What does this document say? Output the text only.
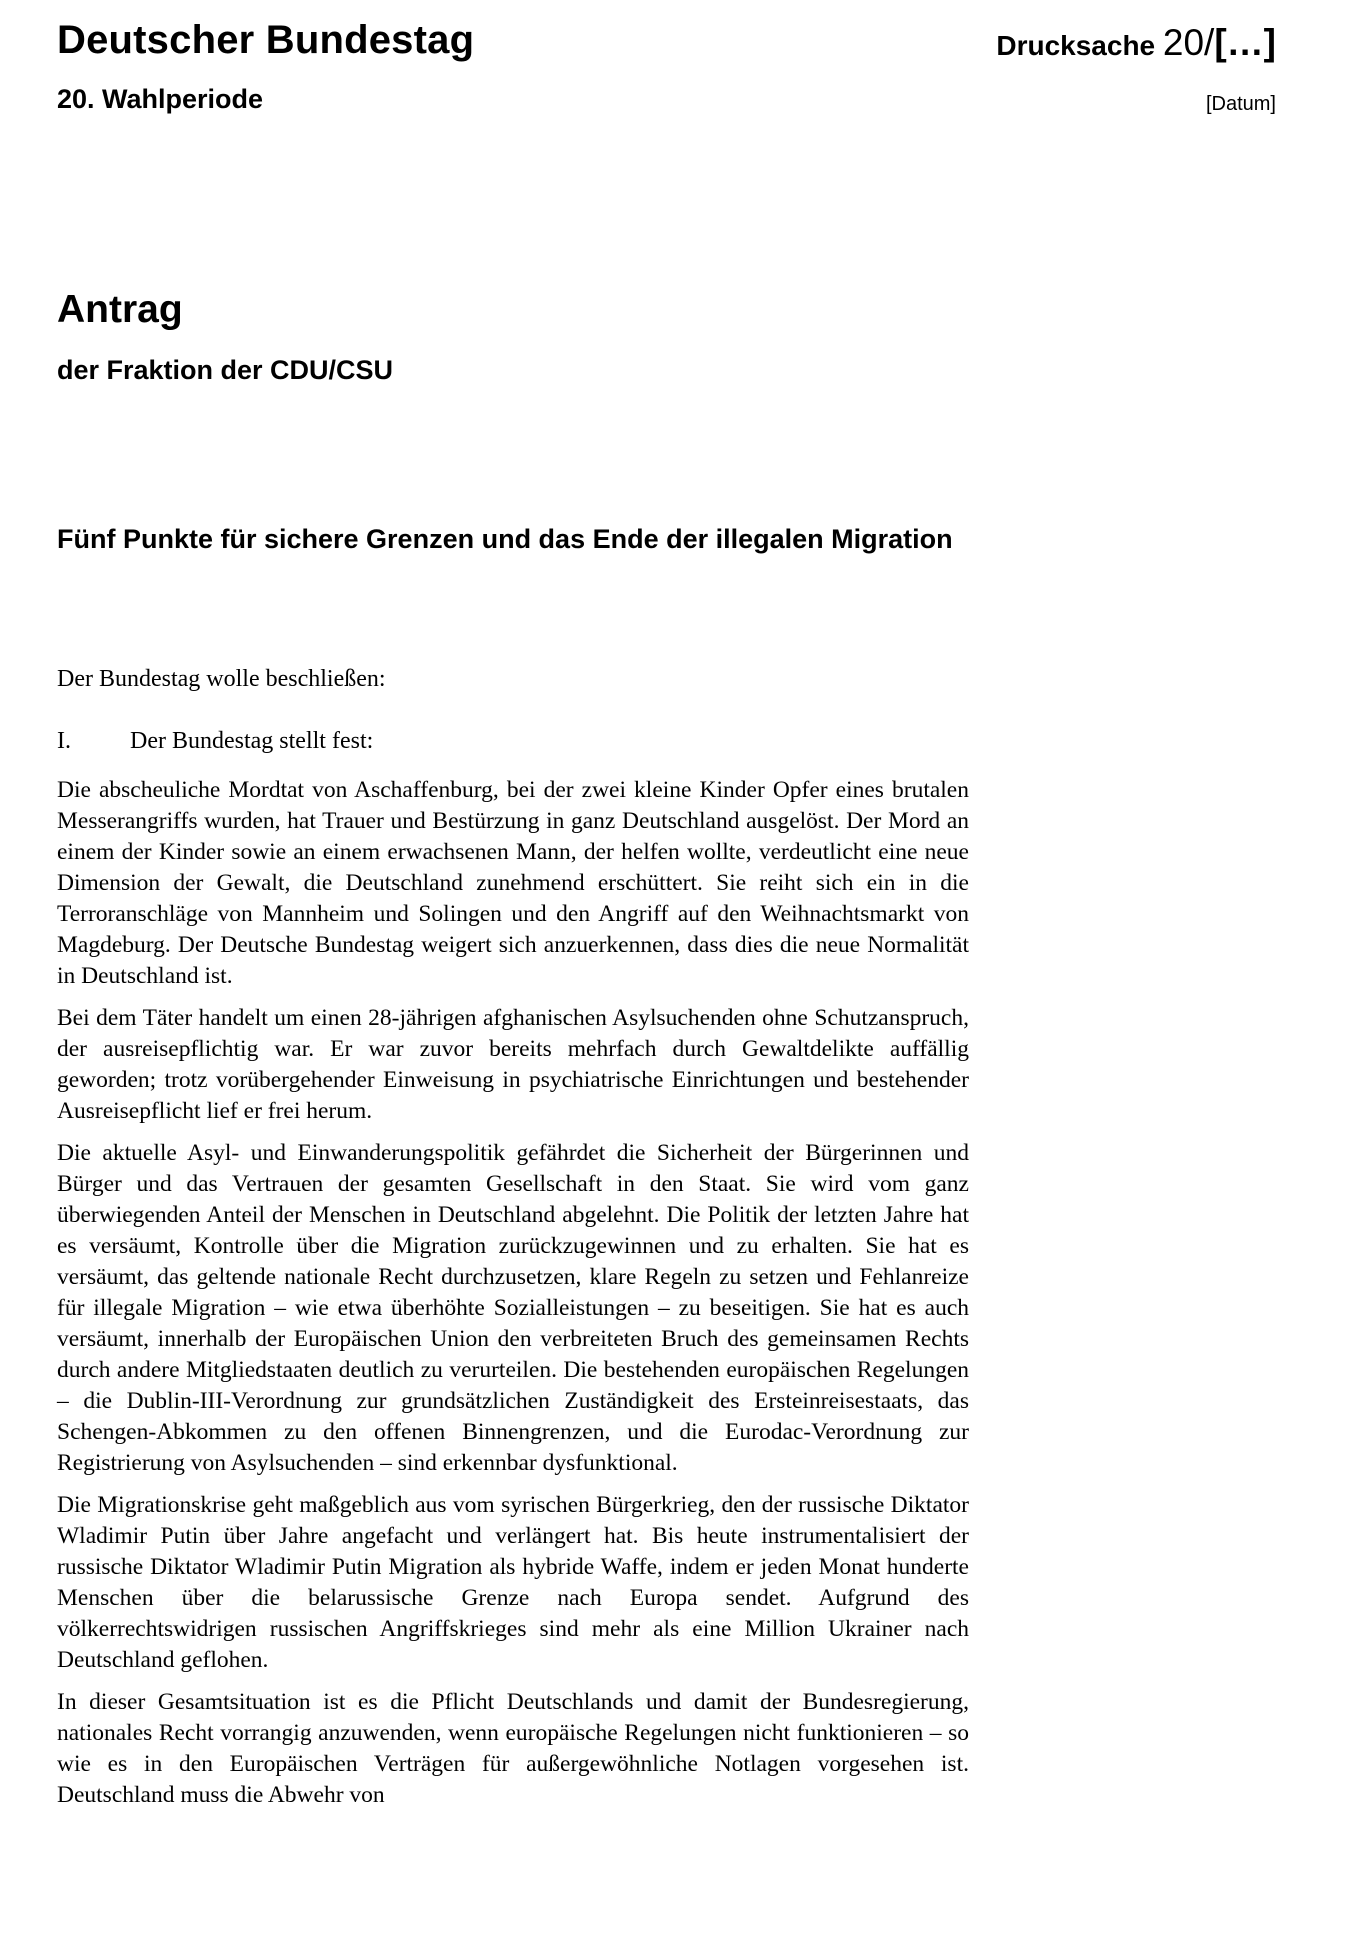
Deutscher Bundestag
20. Wahlperiode
Drucksache 20/[…]
[Datum]
Antrag
der Fraktion der CDU/CSU
Fünf Punkte für sichere Grenzen und das Ende der illegalen Migration
Der Bundestag wolle beschließen:
I. Der Bundestag stellt fest:

Die abscheuliche Mordtat von Aschaffenburg, bei der zwei kleine Kinder Opfer eines brutalen Messerangriffs wurden, hat Trauer und Bestürzung in ganz Deutschland ausgelöst. Der Mord an einem der Kinder sowie an einem erwachsenen Mann, der helfen wollte, verdeutlicht eine neue Dimension der Gewalt, die Deutschland zunehmend erschüttert. Sie reiht sich ein in die Terroranschläge von Mannheim und Solingen und den Angriff auf den Weihnachtsmarkt von Magdeburg. Der Deutsche Bundestag weigert sich anzuerkennen, dass dies die neue Normalität in Deutschland ist.

Bei dem Täter handelt um einen 28-jährigen afghanischen Asylsuchenden ohne Schutzanspruch, der ausreisepflichtig war. Er war zuvor bereits mehrfach durch Gewaltdelikte auffällig geworden; trotz vorübergehender Einweisung in psychiatrische Einrichtungen und bestehender Ausreisepflicht lief er frei herum.

Die aktuelle Asyl- und Einwanderungspolitik gefährdet die Sicherheit der Bürgerinnen und Bürger und das Vertrauen der gesamten Gesellschaft in den Staat. Sie wird vom ganz überwiegenden Anteil der Menschen in Deutschland abgelehnt. Die Politik der letzten Jahre hat es versäumt, Kontrolle über die Migration zurückzugewinnen und zu erhalten. Sie hat es versäumt, das geltende nationale Recht durchzusetzen, klare Regeln zu setzen und Fehlanreize für illegale Migration – wie etwa überhöhte Sozialleistungen – zu beseitigen. Sie hat es auch versäumt, innerhalb der Europäischen Union den verbreiteten Bruch des gemeinsamen Rechts durch andere Mitgliedstaaten deutlich zu verurteilen. Die bestehenden europäischen Regelungen – die Dublin-III-Verordnung zur grundsätzlichen Zuständigkeit des Ersteinreisestaats, das Schengen-Abkommen zu den offenen Binnengrenzen, und die Eurodac-Verordnung zur Registrierung von Asylsuchenden – sind erkennbar dysfunktional.

Die Migrationskrise geht maßgeblich aus vom syrischen Bürgerkrieg, den der russische Diktator Wladimir Putin über Jahre angefacht und verlängert hat. Bis heute instrumentalisiert der russische Diktator Wladimir Putin Migration als hybride Waffe, indem er jeden Monat hunderte Menschen über die belarussische Grenze nach Europa sendet. Aufgrund des völkerrechtswidrigen russischen Angriffskrieges sind mehr als eine Million Ukrainer nach Deutschland geflohen.

In dieser Gesamtsituation ist es die Pflicht Deutschlands und damit der Bundesregierung, nationales Recht vorrangig anzuwenden, wenn europäische Regelungen nicht funktionieren – so wie es in den Europäischen Verträgen für außergewöhnliche Notlagen vorgesehen ist. Deutschland muss die Abwehr von
